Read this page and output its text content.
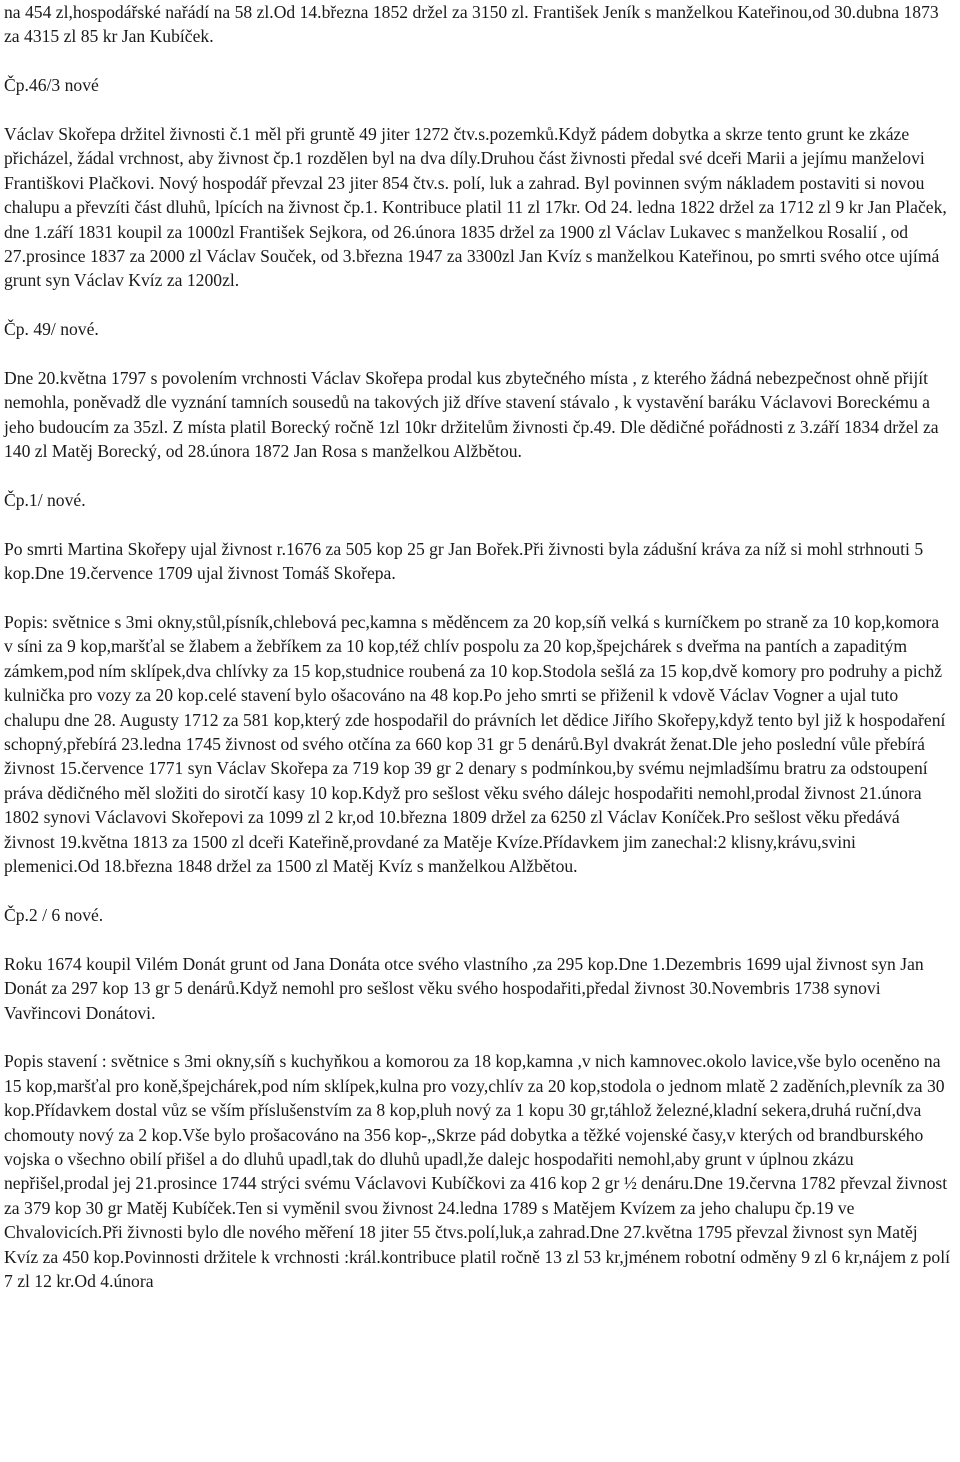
na 454 zl,hospodářské nařádí na 58 zl.Od 14.března 1852 držel za 3150 zl. František Jeník s manželkou Kateřinou,od 30.dubna 1873 za 4315 zl 85 kr Jan Kubíček.

Čp.46/3 nové

Václav Skořepa držitel živnosti č.1 měl při gruntě 49 jiter 1272 čtv.s.pozemků.Když pádem dobytka a skrze tento grunt ke zkáze přicházel, žádal vrchnost, aby živnost čp.1 rozdělen byl na dva díly.Druhou část živnosti předal své dceři Marii a jejímu manželovi Františkovi Plačkovi. Nový hospodář převzal 23 jiter 854 čtv.s. polí, luk a zahrad. Byl povinnen svým nákladem postaviti si novou chalupu a převzíti část dluhů, lpících na živnost čp.1. Kontribuce platil 11 zl 17kr. Od 24. ledna 1822 držel za 1712 zl 9 kr Jan Plaček, dne 1.září 1831 koupil za 1000zl František Sejkora, od 26.února 1835 držel za 1900 zl Václav Lukavec s manželkou Rosalií , od 27.prosince 1837 za 2000 zl Václav Souček, od 3.března 1947 za 3300zl Jan Kvíz s manželkou Kateřinou, po smrti svého otce ujímá grunt syn Václav Kvíz za 1200zl.

Čp. 49/ nové.

Dne 20.května 1797 s povolením vrchnosti Václav Skořepa prodal kus zbytečného místa , z kterého žádná nebezpečnost ohně přijít nemohla, poněvadž dle vyznání tamních sousedů na takových již dříve stavení stávalo , k vystavění baráku Václavovi Boreckému a jeho budoucím za 35zl. Z místa platil Borecký ročně 1zl 10kr držitelům živnosti čp.49. Dle dědičné pořádnosti z 3.září 1834 držel za 140 zl Matěj Borecký, od 28.února 1872 Jan Rosa s manželkou Alžbětou.

Čp.1/ nové.

Po smrti Martina Skořepy ujal živnost r.1676 za 505 kop 25 gr Jan Bořek.Při živnosti byla zádušní kráva za níž si mohl strhnouti 5 kop.Dne 19.července 1709 ujal živnost Tomáš Skořepa.

Popis: světnice s 3mi okny,stůl,písník,chlebová pec,kamna s měděncem za 20 kop,síň velká s kurníčkem po straně za 10 kop,komora v síni za 9 kop,maršťal se žlabem a žebříkem za 10 kop,též chlív pospolu za 20 kop,špejchárek s dveřma na pantích a zapaditým zámkem,pod ním sklípek,dva chlívky za 15 kop,studnice roubená za 10 kop.Stodola sešlá za 15 kop,dvě komory pro podruhy a pichž kulnička pro vozy za 20 kop.celé stavení bylo ošacováno na 48 kop.Po jeho smrti se přiženil k vdově Václav Vogner a ujal tuto chalupu dne 28. Augusty 1712 za 581 kop,který zde hospodařil do právních let dědice Jiřího Skořepy,když tento byl již k hospodaření schopný,přebírá 23.ledna 1745 živnost od svého otčína za 660 kop 31 gr 5 denárů.Byl dvakrát ženat.Dle jeho poslední vůle přebírá živnost 15.července 1771 syn Václav Skořepa za 719 kop 39 gr 2 denary s podmínkou,by svému nejmladšímu bratru za odstoupení práva dědičného měl složiti do sirotčí kasy 10 kop.Když pro sešlost věku svého dálejc hospodařiti nemohl,prodal živnost 21.února 1802 synovi Václavovi Skořepovi za 1099 zl 2 kr,od 10.března 1809 držel za 6250 zl Václav Koníček.Pro sešlost věku předává živnost 19.května 1813 za 1500 zl dceři Kateřině,provdané za Matěje Kvíze.Přídavkem jim zanechal:2 klisny,krávu,svini plemenici.Od 18.března 1848 držel za 1500 zl Matěj Kvíz s manželkou Alžbětou.

Čp.2 / 6 nové.

Roku 1674 koupil Vilém Donát grunt od Jana Donáta otce svého vlastního ,za 295 kop.Dne 1.Dezembris 1699 ujal živnost syn Jan Donát za 297 kop 13 gr 5 denárů.Když nemohl pro sešlost věku svého hospodařiti,předal živnost 30.Novembris 1738 synovi Vavřincovi Donátovi.

Popis stavení : světnice s 3mi okny,síň s kuchyňkou a komorou za 18 kop,kamna ,v nich kamnovec.okolo lavice,vše bylo oceněno na 15 kop,maršťal pro koně,špejchárek,pod ním sklípek,kulna pro vozy,chlív za 20 kop,stodola o jednom mlatě 2 zaděních,plevník za 30 kop.Přídavkem dostal vůz se vším příslušenstvím za 8 kop,pluh nový za 1 kopu 30 gr,táhlož železné,kladní sekera,druhá ruční,dva chomouty nový za 2 kop.Vše bylo prošacováno na 356 kop-,,Skrze pád dobytka a těžké vojenské časy,v kterých od brandburského vojska o všechno obilí přišel a do dluhů upadl,tak do dluhů upadl,že dalejc hospodařiti nemohl,aby grunt v úplnou zkázu nepřišel,prodal jej 21.prosince 1744 strýci svému Václavovi Kubíčkovi za 416 kop 2 gr ½ denáru.Dne 19.června 1782 převzal živnost za 379 kop 30 gr Matěj Kubíček.Ten si vyměnil svou živnost 24.ledna 1789 s Matějem Kvízem za jeho chalupu čp.19 ve Chvalovicích.Při živnosti bylo dle nového měření 18 jiter 55 čtvs.polí,luk,a zahrad.Dne 27.května 1795 převzal živnost syn Matěj Kvíz za 450 kop.Povinnosti držitele k vrchnosti :král.kontribuce platil ročně 13 zl 53 kr,jménem robotní odměny 9 zl 6 kr,nájem z polí 7 zl 12 kr.Od 4.února
